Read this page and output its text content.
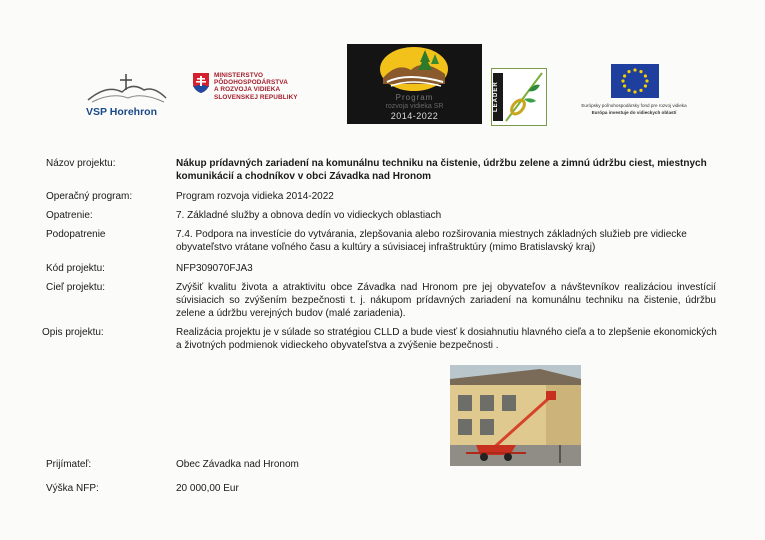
VSP Horehron
MINISTERSTVO
PÔDOHOSPODÁRSTVA
A ROZVOJA VIDIEKA
SLOVENSKEJ REPUBLIKY	Program
rozvoja vidieka SR
2014-2022
LEADER	Európsky poľnohospodársky fond pre rozvoj vidieka
Európa investuje do vidieckych oblastí
Názov projektu:	Nákup prídavných zariadení na komunálnu techniku na čistenie, údržbu zelene a zimnú údržbu ciest, miestnych komunikácií a chodníkov v obci Závadka nad Hronom
Operačný program:	Program rozvoja vidieka 2014-2022
Opatrenie:	7. Základné služby a obnova dedín vo vidieckych oblastiach
Podopatrenie	7.4. Podpora na investície do vytvárania, zlepšovania alebo rozširovania miestnych základných služieb pre vidiecke obyvateľstvo vrátane voľného času a kultúry a súvisiacej infraštruktúry (mimo Bratislavský kraj)
Kód projektu:	NFP309070FJA3
Cieľ projektu:	Zvýšiť kvalitu života a atraktivitu obce Závadka nad Hronom pre jej obyvateľov a návštevníkov realizáciou investícií súvisiacich so zvýšením bezpečnosti t. j. nákupom prídavných zariadení na komunálnu techniku na čistenie, údržbu zelene a údržbu verejných budov (malé zariadenia).
Opis projektu:	Realizácia projektu je v súlade so stratégiou CLLD a bude viesť k dosiahnutiu hlavného cieľa a to zlepšenie ekonomických a životných podmienok vidieckeho obyvateľstva a zvýšenie bezpečnosti .
Prijímateľ:	Obec Závadka nad Hronom
Výška NFP:	20 000,00 Eur
